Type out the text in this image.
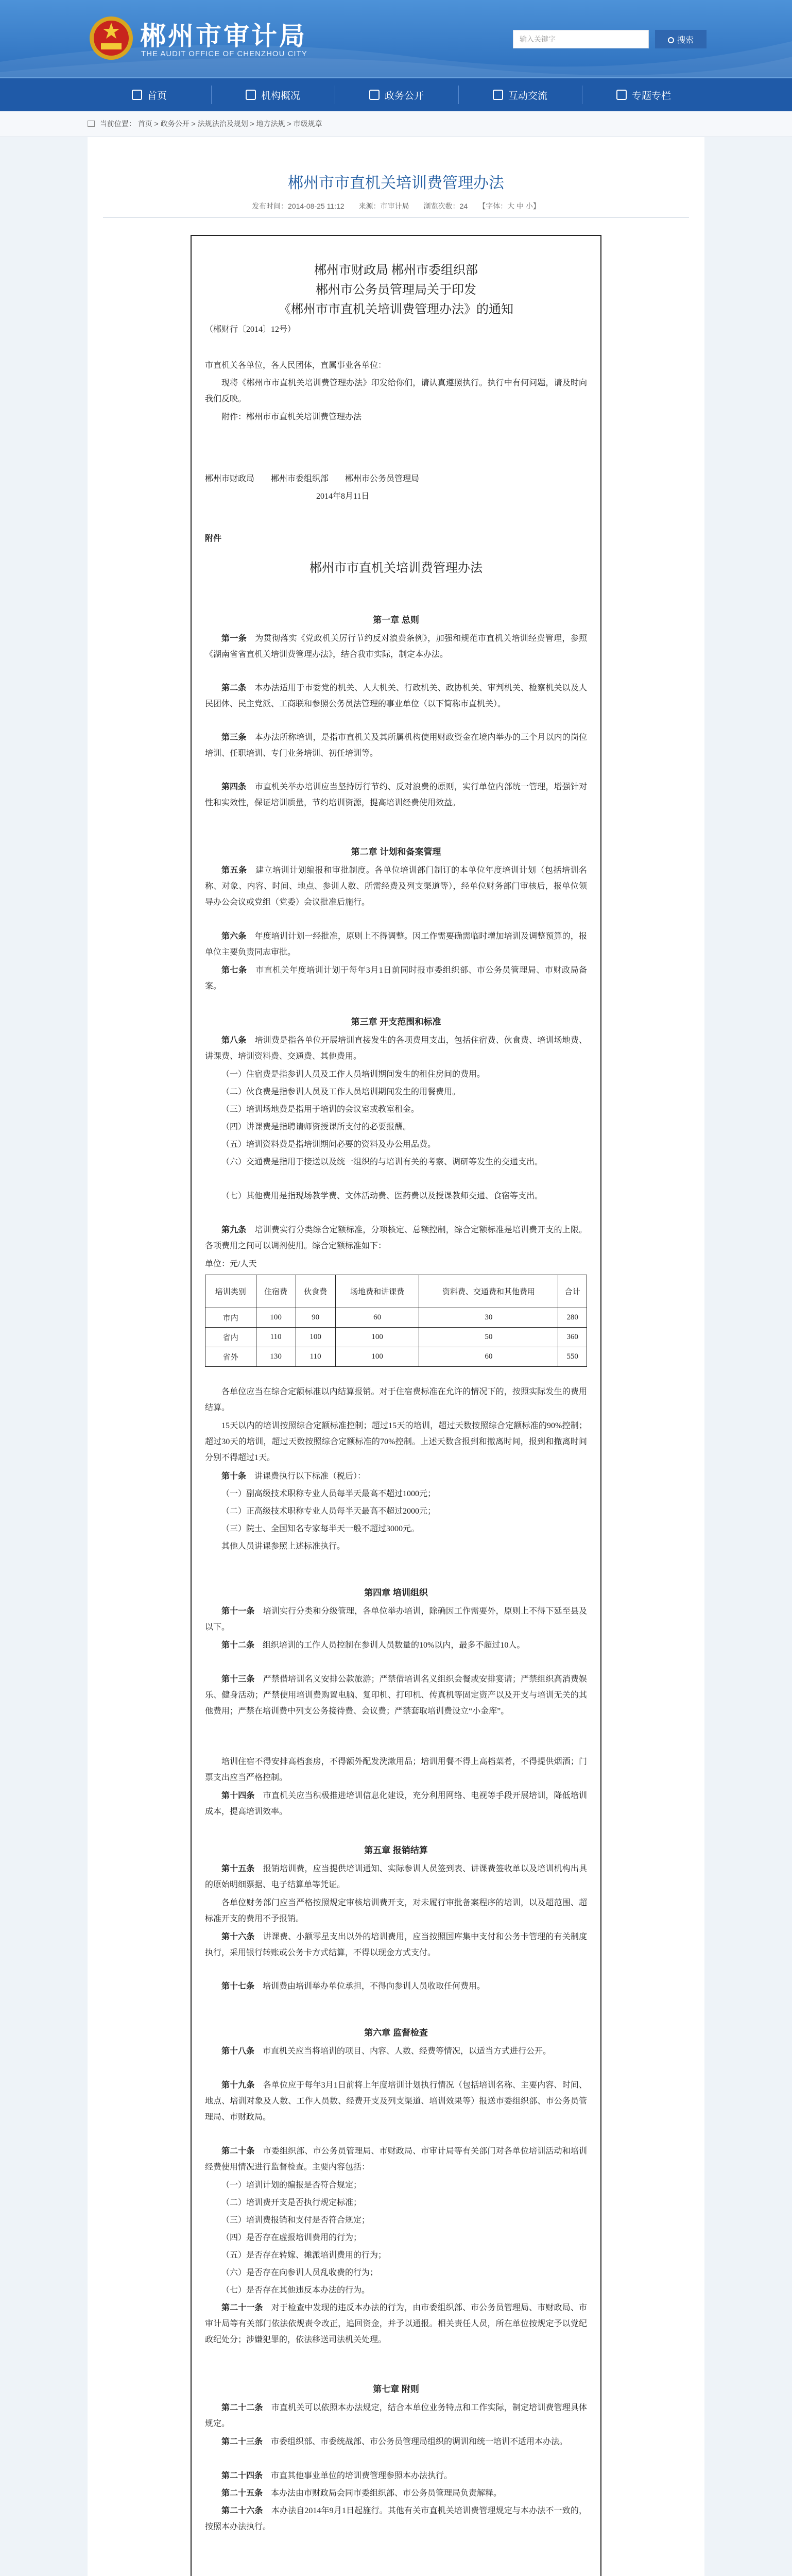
郴州市审计局
THE AUDIT OFFICE OF CHENZHOU CITY
输入关键字	搜索
首页	机构概况	政务公开	互动交流	专题专栏
当前位置： 首页 > 政务公开 > 法规法治及规划 > 地方法规 > 市级规章
郴州市市直机关培训费管理办法
发布时间：2014-08-25 11:12　　来源：市审计局　　浏览次数：24　　【字体：大 中 小】
郴州市财政局 郴州市委组织部
郴州市公务员管理局关于印发
《郴州市市直机关培训费管理办法》的通知
（郴财行〔2014〕12号）
市直机关各单位，各人民团体，直属事业各单位：
现将《郴州市市直机关培训费管理办法》印发给你们，请认真遵照执行。执行中有何问题，请及时向我们反映。
附件：郴州市市直机关培训费管理办法
郴州市财政局　　郴州市委组织部　　郴州市公务员管理局
2014年8月11日
附件
郴州市市直机关培训费管理办法
第一章 总则
第一条　 为贯彻落实《党政机关厉行节约反对浪费条例》，加强和规范市直机关培训经费管理，参照《湖南省省直机关培训费管理办法》，结合我市实际，制定本办法。
第二条　 本办法适用于市委党的机关、人大机关、行政机关、政协机关、审判机关、检察机关以及人民团体、民主党派、工商联和参照公务员法管理的事业单位（以下简称市直机关）。
第三条　 本办法所称培训，是指市直机关及其所属机构使用财政资金在境内举办的三个月以内的岗位培训、任职培训、专门业务培训、初任培训等。
第四条　 市直机关举办培训应当坚持厉行节约、反对浪费的原则，实行单位内部统一管理，增强针对性和实效性，保证培训质量，节约培训资源，提高培训经费使用效益。
第二章 计划和备案管理
第五条　 建立培训计划编报和审批制度。各单位培训部门制订的本单位年度培训计划（包括培训名称、对象、内容、时间、地点、参训人数、所需经费及列支渠道等），经单位财务部门审核后，报单位领导办公会议或党组（党委）会议批准后施行。
第六条　 年度培训计划一经批准，原则上不得调整。因工作需要确需临时增加培训及调整预算的，报单位主要负责同志审批。
第七条　 市直机关年度培训计划于每年3月1日前同时报市委组织部、市公务员管理局、市财政局备案。
第三章 开支范围和标准
第八条　 培训费是指各单位开展培训直接发生的各项费用支出，包括住宿费、伙食费、培训场地费、讲课费、培训资料费、交通费、其他费用。
（一）住宿费是指参训人员及工作人员培训期间发生的租住房间的费用。
（二）伙食费是指参训人员及工作人员培训期间发生的用餐费用。
（三）培训场地费是指用于培训的会议室或教室租金。
（四）讲课费是指聘请师资授课所支付的必要报酬。
（五）培训资料费是指培训期间必要的资料及办公用品费。
（六）交通费是指用于接送以及统一组织的与培训有关的考察、调研等发生的交通支出。
（七）其他费用是指现场教学费、文体活动费、医药费以及授课教师交通、食宿等支出。
第九条　 培训费实行分类综合定额标准，分项核定、总额控制，综合定额标准是培训费开支的上限。各项费用之间可以调剂使用。综合定额标准如下：
单位：元/人天
培训类别	住宿费	伙食费	场地费和讲课费	资料费、交通费和其他费用	合计
市内	100	90	60	30	280
省内	110	100	100	50	360
省外	130	110	100	60	550
各单位应当在综合定额标准以内结算报销。对于住宿费标准在允许的情况下的，按照实际发生的费用结算。
15天以内的培训按照综合定额标准控制；超过15天的培训，超过天数按照综合定额标准的90%控制；超过30天的培训，超过天数按照综合定额标准的70%控制。上述天数含报到和撤离时间，报到和撤离时间分别不得超过1天。
第十条　 讲课费执行以下标准（税后）：
（一）副高级技术职称专业人员每半天最高不超过1000元；
（二）正高级技术职称专业人员每半天最高不超过2000元；
（三）院士、全国知名专家每半天一般不超过3000元。
其他人员讲课参照上述标准执行。
第四章 培训组织
第十一条　 培训实行分类和分级管理，各单位举办培训，除确因工作需要外，原则上不得下延至县及以下。
第十二条　 组织培训的工作人员控制在参训人员数量的10%以内，最多不超过10人。
第十三条　 严禁借培训名义安排公款旅游；严禁借培训名义组织会餐或安排宴请；严禁组织高消费娱乐、健身活动；严禁使用培训费购置电脑、复印机、打印机、传真机等固定资产以及开支与培训无关的其他费用；严禁在培训费中列支公务接待费、会议费；严禁套取培训费设立“小金库”。
培训住宿不得安排高档套房，不得额外配发洗漱用品；培训用餐不得上高档菜肴，不得提供烟酒；门票支出应当严格控制。
第十四条　 市直机关应当积极推进培训信息化建设，充分利用网络、电视等手段开展培训，降低培训成本，提高培训效率。
第五章 报销结算
第十五条　 报销培训费，应当提供培训通知、实际参训人员签到表、讲课费签收单以及培训机构出具的原始明细票据、电子结算单等凭证。
各单位财务部门应当严格按照规定审核培训费开支，对未履行审批备案程序的培训，以及超范围、超标准开支的费用不予报销。
第十六条　 讲课费、小额零星支出以外的培训费用，应当按照国库集中支付和公务卡管理的有关制度执行，采用银行转账或公务卡方式结算，不得以现金方式支付。
第十七条　 培训费由培训举办单位承担，不得向参训人员收取任何费用。
第六章 监督检查
第十八条　 市直机关应当将培训的项目、内容、人数、经费等情况，以适当方式进行公开。
第十九条　 各单位应于每年3月1日前将上年度培训计划执行情况（包括培训名称、主要内容、时间、地点、培训对象及人数、工作人员数、经费开支及列支渠道、培训效果等）报送市委组织部、市公务员管理局、市财政局。
第二十条　 市委组织部、市公务员管理局、市财政局、市审计局等有关部门对各单位培训活动和培训经费使用情况进行监督检查。主要内容包括：
（一）培训计划的编报是否符合规定；
（二）培训费开支是否执行规定标准；
（三）培训费报销和支付是否符合规定；
（四）是否存在虚报培训费用的行为；
（五）是否存在转嫁、摊派培训费用的行为；
（六）是否存在向参训人员乱收费的行为；
（七）是否存在其他违反本办法的行为。
第二十一条　 对于检查中发现的违反本办法的行为，由市委组织部、市公务员管理局、市财政局、市审计局等有关部门依法依规责令改正，追回资金，并予以通报。相关责任人员，所在单位按规定予以党纪政纪处分；涉嫌犯罪的，依法移送司法机关处理。
第七章 附则
第二十二条　 市直机关可以依照本办法规定，结合本单位业务特点和工作实际，制定培训费管理具体规定。
第二十三条　 市委组织部、市委统战部、市公务员管理局组织的调训和统一培训不适用本办法。
第二十四条　 市直其他事业单位的培训费管理参照本办法执行。
第二十五条　 本办法由市财政局会同市委组织部、市公务员管理局负责解释。
第二十六条　 本办法自2014年9月1日起施行。其他有关市直机关培训费管理规定与本办法不一致的，按照本办法执行。
